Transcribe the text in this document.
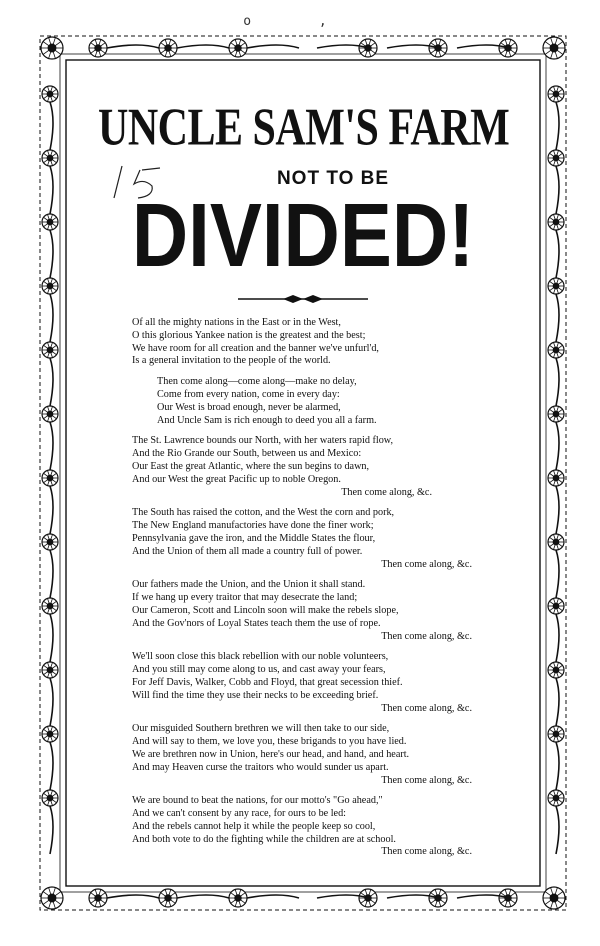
o ,
UNCLE SAM'S FARM
NOT TO BE
DIVIDED!
Of all the mighty nations in the East or in the West,
O this glorious Yankee nation is the greatest and the best;
We have room for all creation and the banner we've unfurl'd,
Is a general invitation to the people of the world.
Then come along—come along—make no delay,
Come from every nation, come in every day:
Our West is broad enough, never be alarmed,
And Uncle Sam is rich enough to deed you all a farm.
The St. Lawrence bounds our North, with her waters rapid flow,
And the Rio Grande our South, between us and Mexico:
Our East the great Atlantic, where the sun begins to dawn,
And our West the great Pacific up to noble Oregon.
Then come along, &c.
The South has raised the cotton, and the West the corn and pork,
The New England manufactories have done the finer work;
Pennsylvania gave the iron, and the Middle States the flour,
And the Union of them all made a country full of power.
Then come along, &c.
Our fathers made the Union, and the Union it shall stand.
If we hang up every traitor that may desecrate the land;
Our Cameron, Scott and Lincoln soon will make the rebels slope,
And the Gov'nors of Loyal States teach them the use of rope.
Then come along, &c.
We'll soon close this black rebellion with our noble volunteers,
And you still may come along to us, and cast away your fears,
For Jeff Davis, Walker, Cobb and Floyd, that great secession thief.
Will find the time they use their necks to be exceeding brief.
Then come along, &c.
Our misguided Southern brethren we will then take to our side,
And will say to them, we love you, these brigands to you have lied.
We are brethren now in Union, here's our head, and hand, and heart.
And may Heaven curse the traitors who would sunder us apart.
Then come along, &c.
We are bound to beat the nations, for our motto's "Go ahead,"
And we can't consent by any race, for ours to be led:
And the rebels cannot help it while the people keep so cool,
And both vote to do the fighting while the children are at school.
Then come along, &c.
